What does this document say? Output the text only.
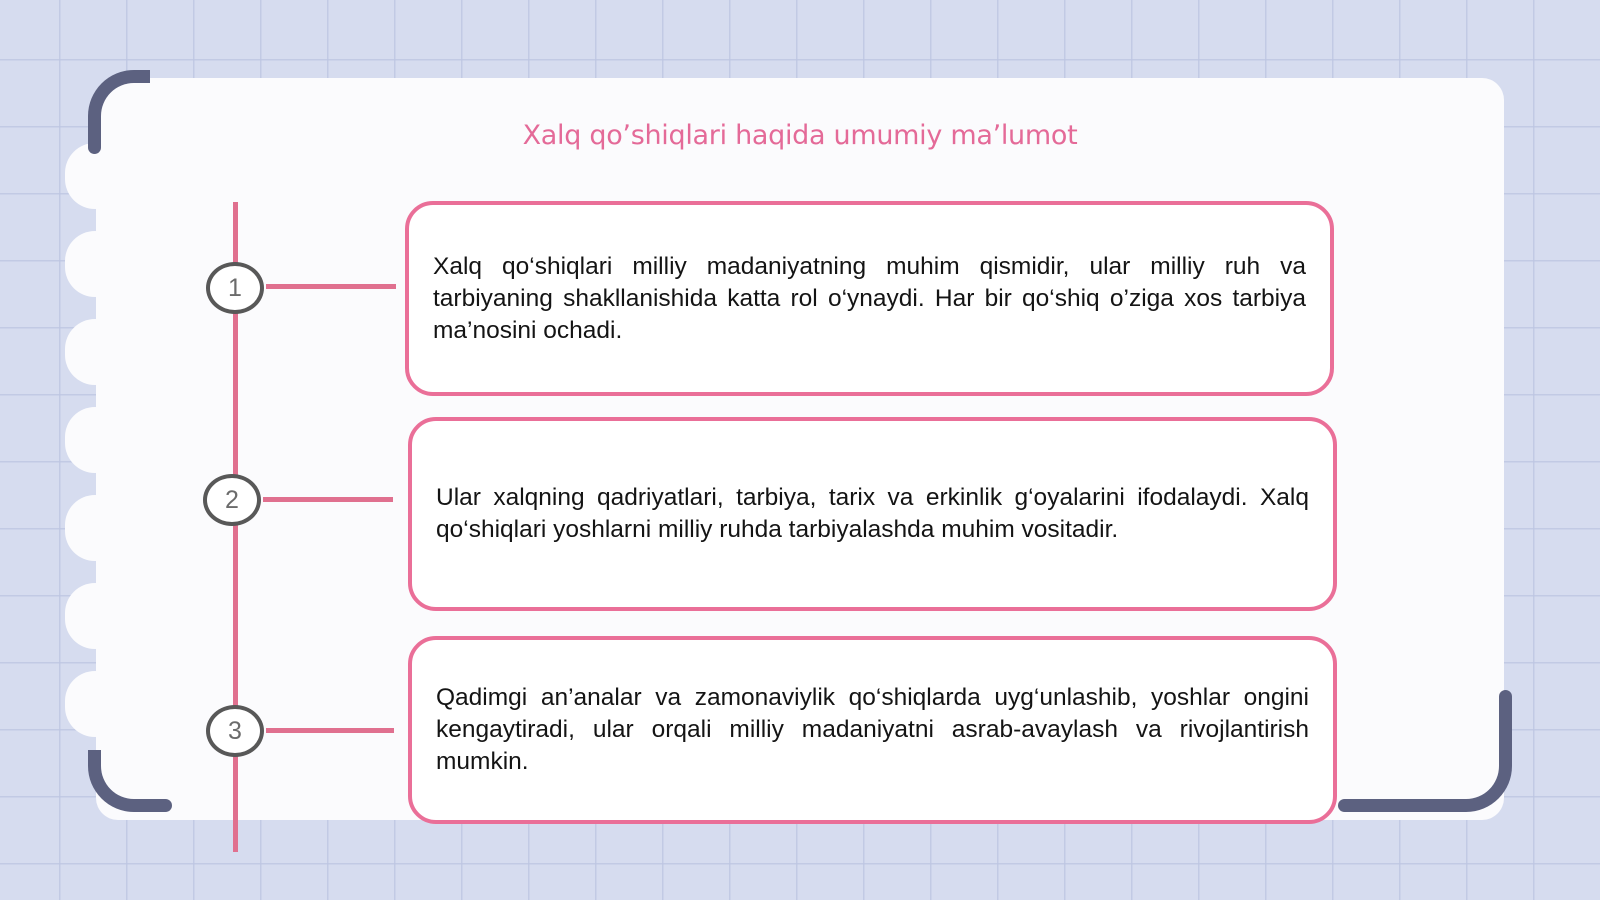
Xalq qoʼshiqlari haqida umumiy maʼlumot
1
2
3
Xalq qo‘shiqlari milliy madaniyatning muhim qismidir, ular milliy ruh va tarbiyaning shakllanishida katta rol o‘ynaydi. Har bir qo‘shiq o’ziga xos tarbiya ma’nosini ochadi.
Ular xalqning qadriyatlari, tarbiya, tarix va erkinlik g‘oyalarini ifodalaydi. Xalq qo‘shiqlari yoshlarni milliy ruhda tarbiyalashda muhim vositadir.
Qadimgi an’analar va zamonaviylik qo‘shiqlarda uyg‘unlashib, yoshlar ongini kengaytiradi, ular orqali milliy madaniyatni asrab-avaylash va rivojlantirish mumkin.
